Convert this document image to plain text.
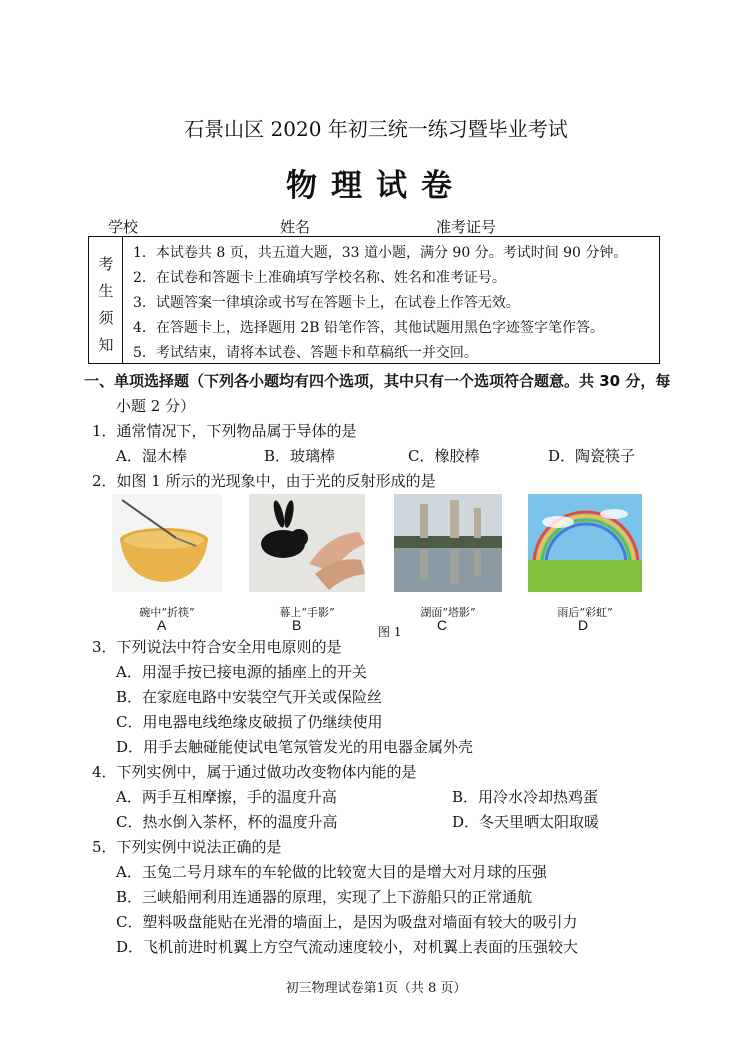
石景山区 2020 年初三统一练习暨毕业考试
物理试卷
学校	姓名	准考证号
考
生
须
知
1．本试卷共 8 页，共五道大题，33 道小题，满分 90 分。考试时间 90 分钟。
2．在试卷和答题卡上准确填写学校名称、姓名和准考证号。
3．试题答案一律填涂或书写在答题卡上，在试卷上作答无效。
4．在答题卡上，选择题用 2B 铅笔作答，其他试题用黑色字迹签字笔作答。
5．考试结束，请将本试卷、答题卡和草稿纸一并交回。
一、单项选择题（下列各小题均有四个选项，其中只有一个选项符合题意。共 30 分，每
小题 2 分）
1．通常情况下，下列物品属于导体的是
A．湿木棒	B．玻璃棒	C．橡胶棒	D．陶瓷筷子
2．如图 1 所示的光现象中，由于光的反射形成的是
碗中“折筷”	幕上“手影”	湖面“塔影”	雨后“彩虹”
A	B	图 1	C	D
3．下列说法中符合安全用电原则的是
A．用湿手按已接电源的插座上的开关
B．在家庭电路中安装空气开关或保险丝
C．用电器电线绝缘皮破损了仍继续使用
D．用手去触碰能使试电笔氖管发光的用电器金属外壳
4．下列实例中，属于通过做功改变物体内能的是
A．两手互相摩擦，手的温度升高	B．用冷水冷却热鸡蛋
C．热水倒入茶杯，杯的温度升高	D．冬天里晒太阳取暖
5．下列实例中说法正确的是
A．玉兔二号月球车的车轮做的比较宽大目的是增大对月球的压强
B．三峡船闸利用连通器的原理，实现了上下游船只的正常通航
C．塑料吸盘能贴在光滑的墙面上，是因为吸盘对墙面有较大的吸引力
D．飞机前进时机翼上方空气流动速度较小，对机翼上表面的压强较大
初三物理试卷第1页（共 8 页）
